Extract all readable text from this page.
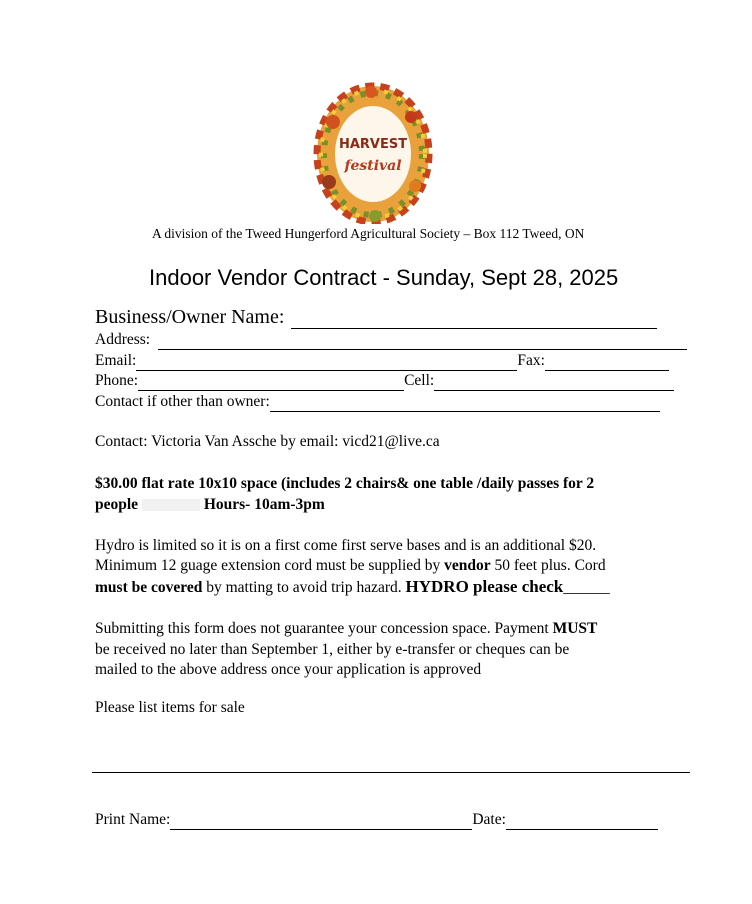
HARVEST
festival
A division of the Tweed Hungerford Agricultural Society – Box 112 Tweed, ON
Indoor Vendor Contract - Sunday, Sept 28, 2025
Business/Owner Name:
Address:
Email:	Fax:
Phone:	Cell:
Contact if other than owner:
Contact: Victoria Van Assche by email: vicd21@live.ca
$30.00 flat rate 10x10 space (includes 2 chairs& one table /daily passes for 2
people	Hours- 10am-3pm
Hydro is limited so it is on a first come first serve bases and is an additional $20.
Minimum 12 guage extension cord must be supplied by vendor 50 feet plus. Cord
must be covered by matting to avoid trip hazard. HYDRO please check______
Submitting this form does not guarantee your concession space. Payment MUST
be received no later than September 1, either by e-transfer or cheques can be
mailed to the above address once your application is approved
Please list items for sale
Print Name:	Date:
